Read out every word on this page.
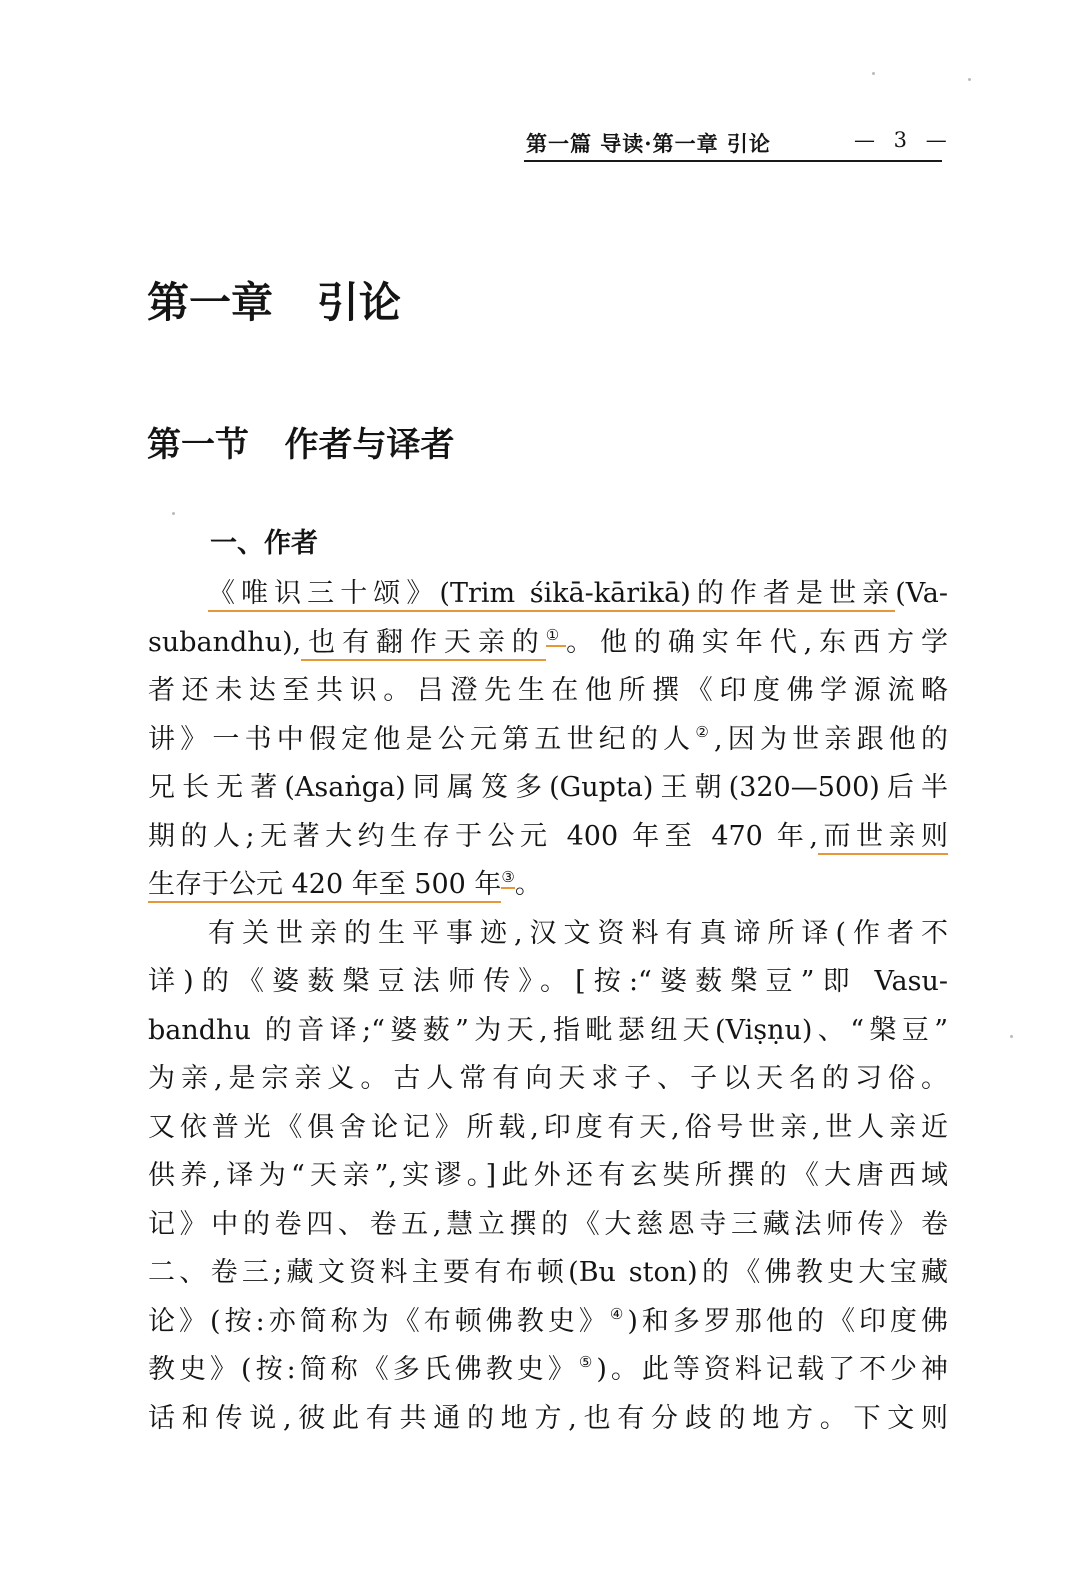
第一篇 导读·第一章 引论	— 3 —
第一章   引论
第一节   作者与译者
一、作者
《唯识三十颂》(Trim śikā-kārikā)的作者是世亲(Va-
subandhu),也有翻作天亲的①。他的确实年代,东西方学
者还未达至共识。吕澄先生在他所撰《印度佛学源流略
讲》一书中假定他是公元第五世纪的人②,因为世亲跟他的
兄长无著(Asaṅga)同属笈多(Gupta)王朝(320—500)后半
期的人;无著大约生存于公元 400 年至 470 年,而世亲则
生存于公元 420 年至 500 年③。
有关世亲的生平事迹,汉文资料有真谛所译(作者不
详)的《婆薮槃豆法师传》。[按:“婆薮槃豆”即 Vasu-
bandhu 的音译;“婆薮”为天,指毗瑟纽天(Viṣṇu)、“槃豆”
为亲,是宗亲义。古人常有向天求子、子以天名的习俗。
又依普光《俱舍论记》所载,印度有天,俗号世亲,世人亲近
供养,译为“天亲”,实谬。]此外还有玄奘所撰的《大唐西域
记》中的卷四、卷五,慧立撰的《大慈恩寺三藏法师传》卷
二、卷三;藏文资料主要有布顿(Bu ston)的《佛教史大宝藏
论》(按:亦简称为《布顿佛教史》④)和多罗那他的《印度佛
教史》(按:简称《多氏佛教史》⑤)。此等资料记载了不少神
话和传说,彼此有共通的地方,也有分歧的地方。下文则
